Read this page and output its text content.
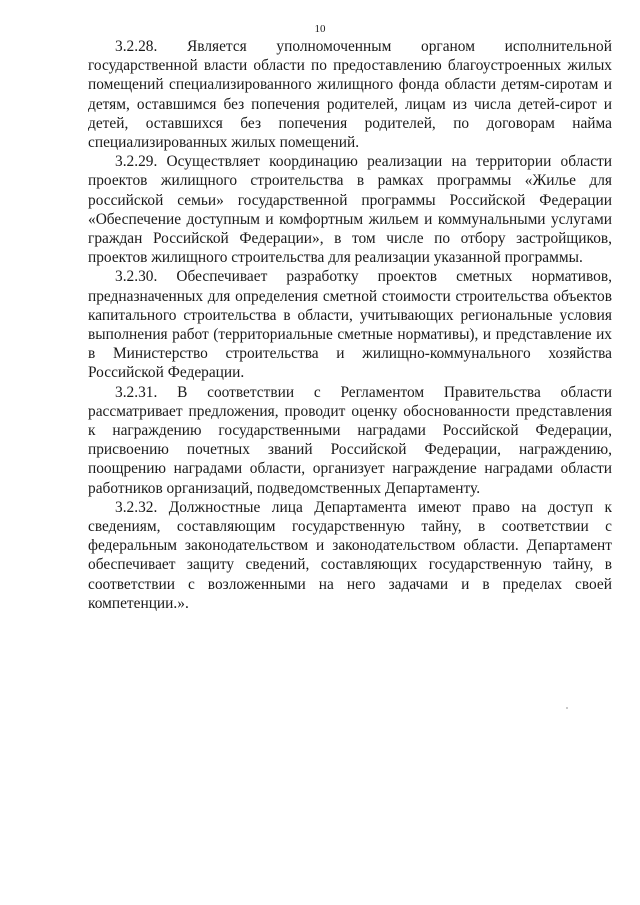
10

3.2.28. Является уполномоченным органом исполнительной государственной власти области по предоставлению благоустроенных жилых помещений специализированного жилищного фонда области детям-сиротам и детям, оставшимся без попечения родителей, лицам из числа детей-сирот и детей, оставшихся без попечения родителей, по договорам найма специализированных жилых помещений.

3.2.29. Осуществляет координацию реализации на территории области проектов жилищного строительства в рамках программы «Жилье для российской семьи» государственной программы Российской Федерации «Обеспечение доступным и комфортным жильем и коммунальными услугами граждан Российской Федерации», в том числе по отбору застройщиков, проектов жилищного строительства для реализации указанной программы.

3.2.30. Обеспечивает разработку проектов сметных нормативов, предназначенных для определения сметной стоимости строительства объектов капитального строительства в области, учитывающих региональные условия выполнения работ (территориальные сметные нормативы), и представление их в Министерство строительства и жилищно-коммунального хозяйства Российской Федерации.

3.2.31. В соответствии с Регламентом Правительства области рассматривает предложения, проводит оценку обоснованности представления к награждению государственными наградами Российской Федерации, присвоению почетных званий Российской Федерации, награждению, поощрению наградами области, организует награждение наградами области работников организаций, подведомственных Департаменту.

3.2.32. Должностные лица Департамента имеют право на доступ к сведениям, составляющим государственную тайну, в соответствии с федеральным законодательством и законодательством области. Департамент обеспечивает защиту сведений, составляющих государственную тайну, в соответствии с возложенными на него задачами и в пределах своей компетенции.».
